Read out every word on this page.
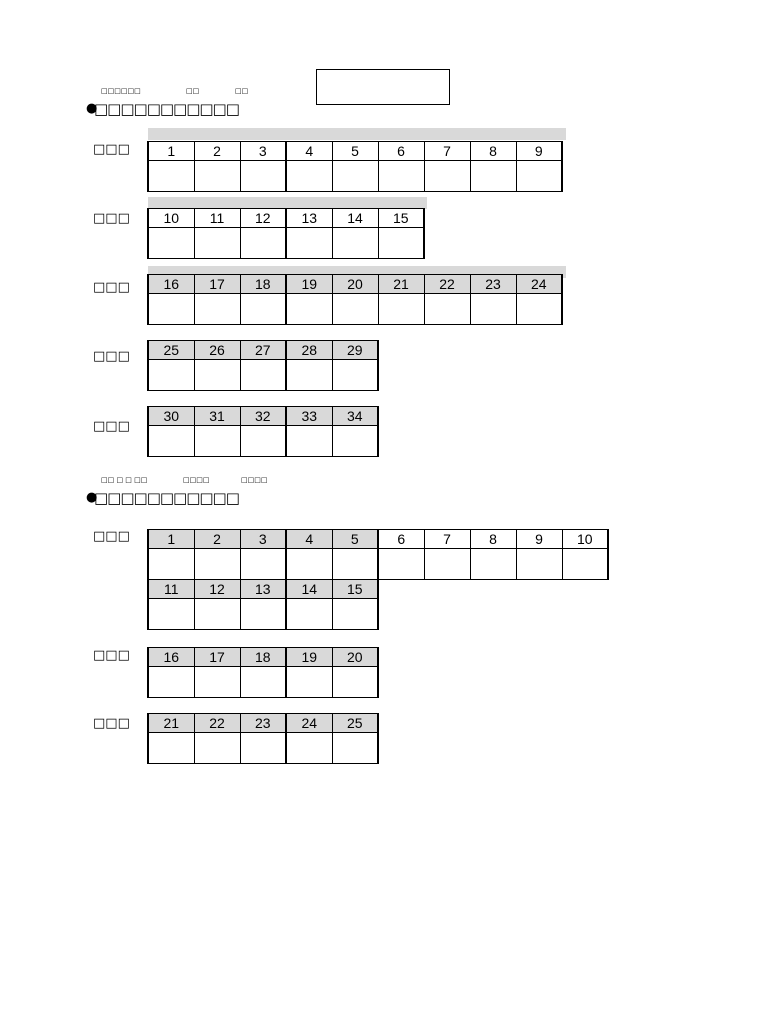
□□□□□□	□□	□□
●
□□□□□□□□□□□
□□□	1	2	3	4	5	6	7	8	9

□□□ 10	11	12	13	14	15

□□□ 16	17	18	19	20	21	22	23	24

□□□ 25	26	27	28	29

□□□
30	31	32	33	34

□□ □ □ □□	□□□□	□□□□
●
□□□□□□□□□□□
□□□	1	2	3	4	5	6	7	8	9	10

11	12	13	14	15

□□□ 16	17	18	19	20

□□□ 21	22	23	24	25
